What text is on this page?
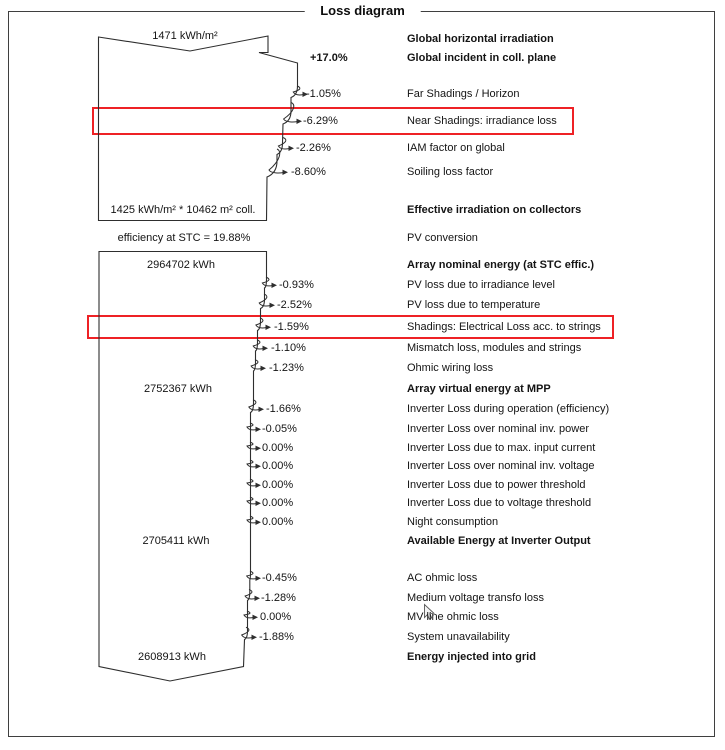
Loss diagram
1471 kWh/m²
1425 kWh/m² * 10462 m² coll.
efficiency at STC = 19.88%
2964702 kWh
2752367 kWh
2705411 kWh
2608913 kWh
Global horizontal irradiation
+17.0%	Global incident in coll. plane
-1.05%	Far Shadings / Horizon
-6.29%	Near Shadings: irradiance loss
-2.26%	IAM factor on global
-8.60%	Soiling loss factor
Effective irradiation on collectors
PV conversion
Array nominal energy (at STC effic.)
-0.93%	PV loss due to irradiance level
-2.52%	PV loss due to temperature
-1.59%	Shadings: Electrical Loss acc. to strings
-1.10%	Mismatch loss, modules and strings
-1.23%	Ohmic wiring loss
Array virtual energy at MPP
-1.66%	Inverter Loss during operation (efficiency)
-0.05%	Inverter Loss over nominal inv. power
0.00%	Inverter Loss due to max. input current
0.00%	Inverter Loss over nominal inv. voltage
0.00%	Inverter Loss due to power threshold
0.00%	Inverter Loss due to voltage threshold
0.00%	Night consumption
Available Energy at Inverter Output
-0.45%	AC ohmic loss
-1.28%	Medium voltage transfo loss
0.00%	MV line ohmic loss
-1.88%	System unavailability
Energy injected into grid
